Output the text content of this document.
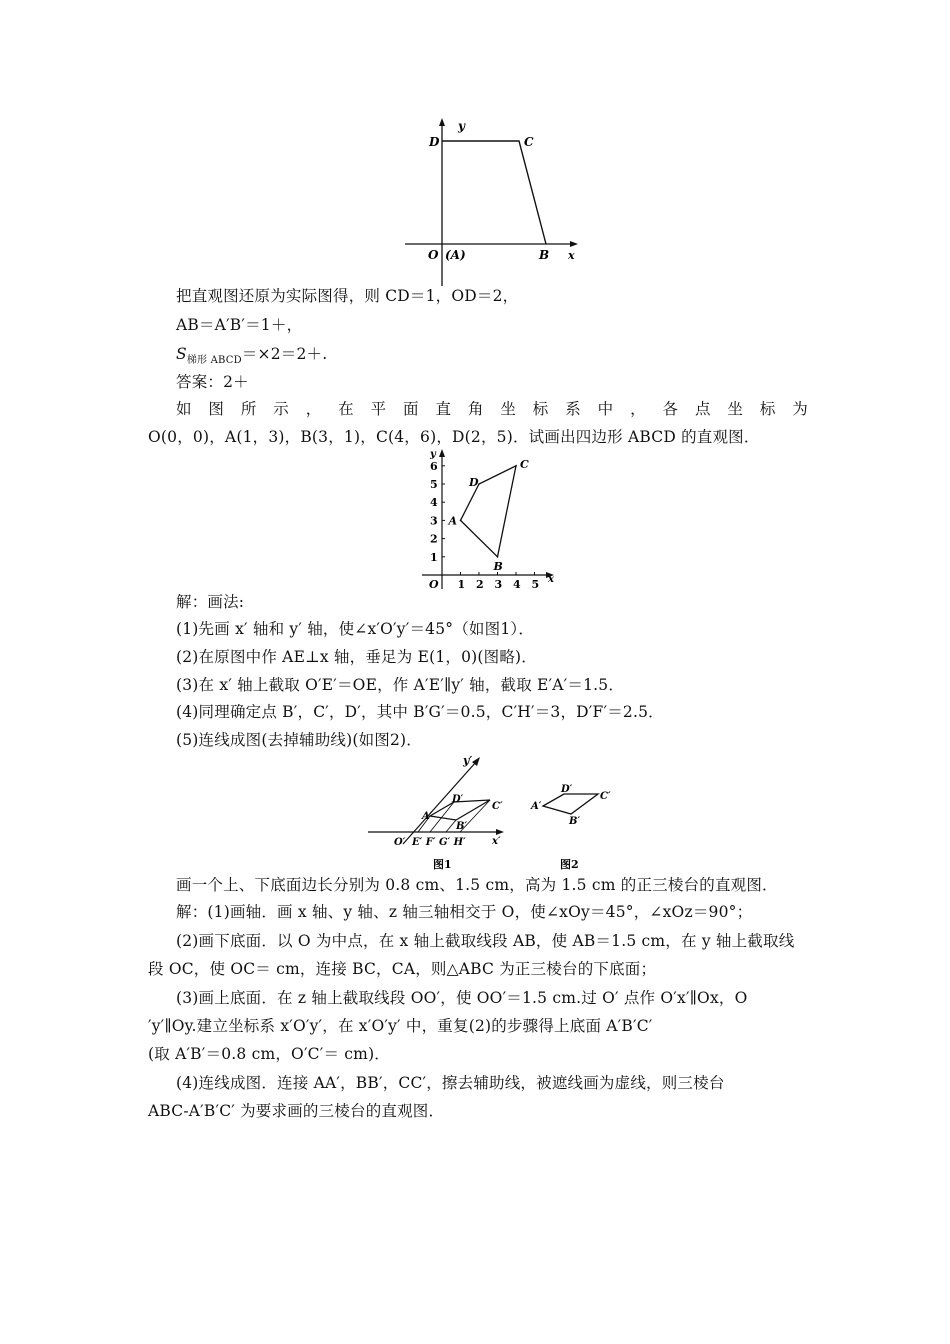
y
D	C
O (A)	B x
把直观图还原为实际图得，则 CD＝1，OD＝2，
AB＝A′B′＝1＋，
$S_{梯形 ABCD}=\times 2=2+$.
答案：2＋
如 图 所 示 ， 在 平 面 直 角 坐 标 系 中 ， 各 点 坐 标 为
O(0，0)，A(1，3)，B(3，1)，C(4，6)，D(2，5)．试画出四边形 ABCD 的直观图．
1 2 3 4 5
1
2
3
4
5
6
x
y
O
A
B
C
D
解：画法:
(1)先画 x′ 轴和 y′ 轴，使∠x′O′y′＝45°（如图1）．
(2)在原图中作 AE⊥x 轴，垂足为 E(1，0)(图略)．
(3)在 x′ 轴上截取 O′E′＝OE，作 A′E′∥y′ 轴，截取 E′A′＝1.5．
(4)同理确定点 B′，C′，D′，其中 B′G′＝0.5，C′H′＝3，D′F′＝2.5．
(5)连线成图(去掉辅助线)(如图2)．
y′
D′
C′
A′
B′
O′ E′ F′ G′ H′	x′
图1
D′
C′
A′
B′
图2
画一个上、下底面边长分别为 0.8 cm、1.5 cm，高为 1.5 cm 的正三棱台的直观图．
解：(1)画轴．画 x 轴、y 轴、z 轴三轴相交于 O，使∠xOy＝45°，∠xOz＝90°；
(2)画下底面．以 O 为中点，在 x 轴上截取线段 AB，使 AB＝1.5 cm，在 y 轴上截取线
段 OC，使 OC＝ cm，连接 BC，CA，则△ABC 为正三棱台的下底面；
(3)画上底面．在 z 轴上截取线段 OO′，使 OO′＝1.5 cm.过 O′ 点作 O′x′∥Ox，O
′y′∥Oy.建立坐标系 x′O′y′，在 x′O′y′ 中，重复(2)的步骤得上底面 A′B′C′
(取 A′B′＝0.8 cm，O′C′＝ cm)．
(4)连线成图．连接 AA′，BB′，CC′，擦去辅助线，被遮线画为虚线，则三棱台
ABC-A′B′C′ 为要求画的三棱台的直观图．
